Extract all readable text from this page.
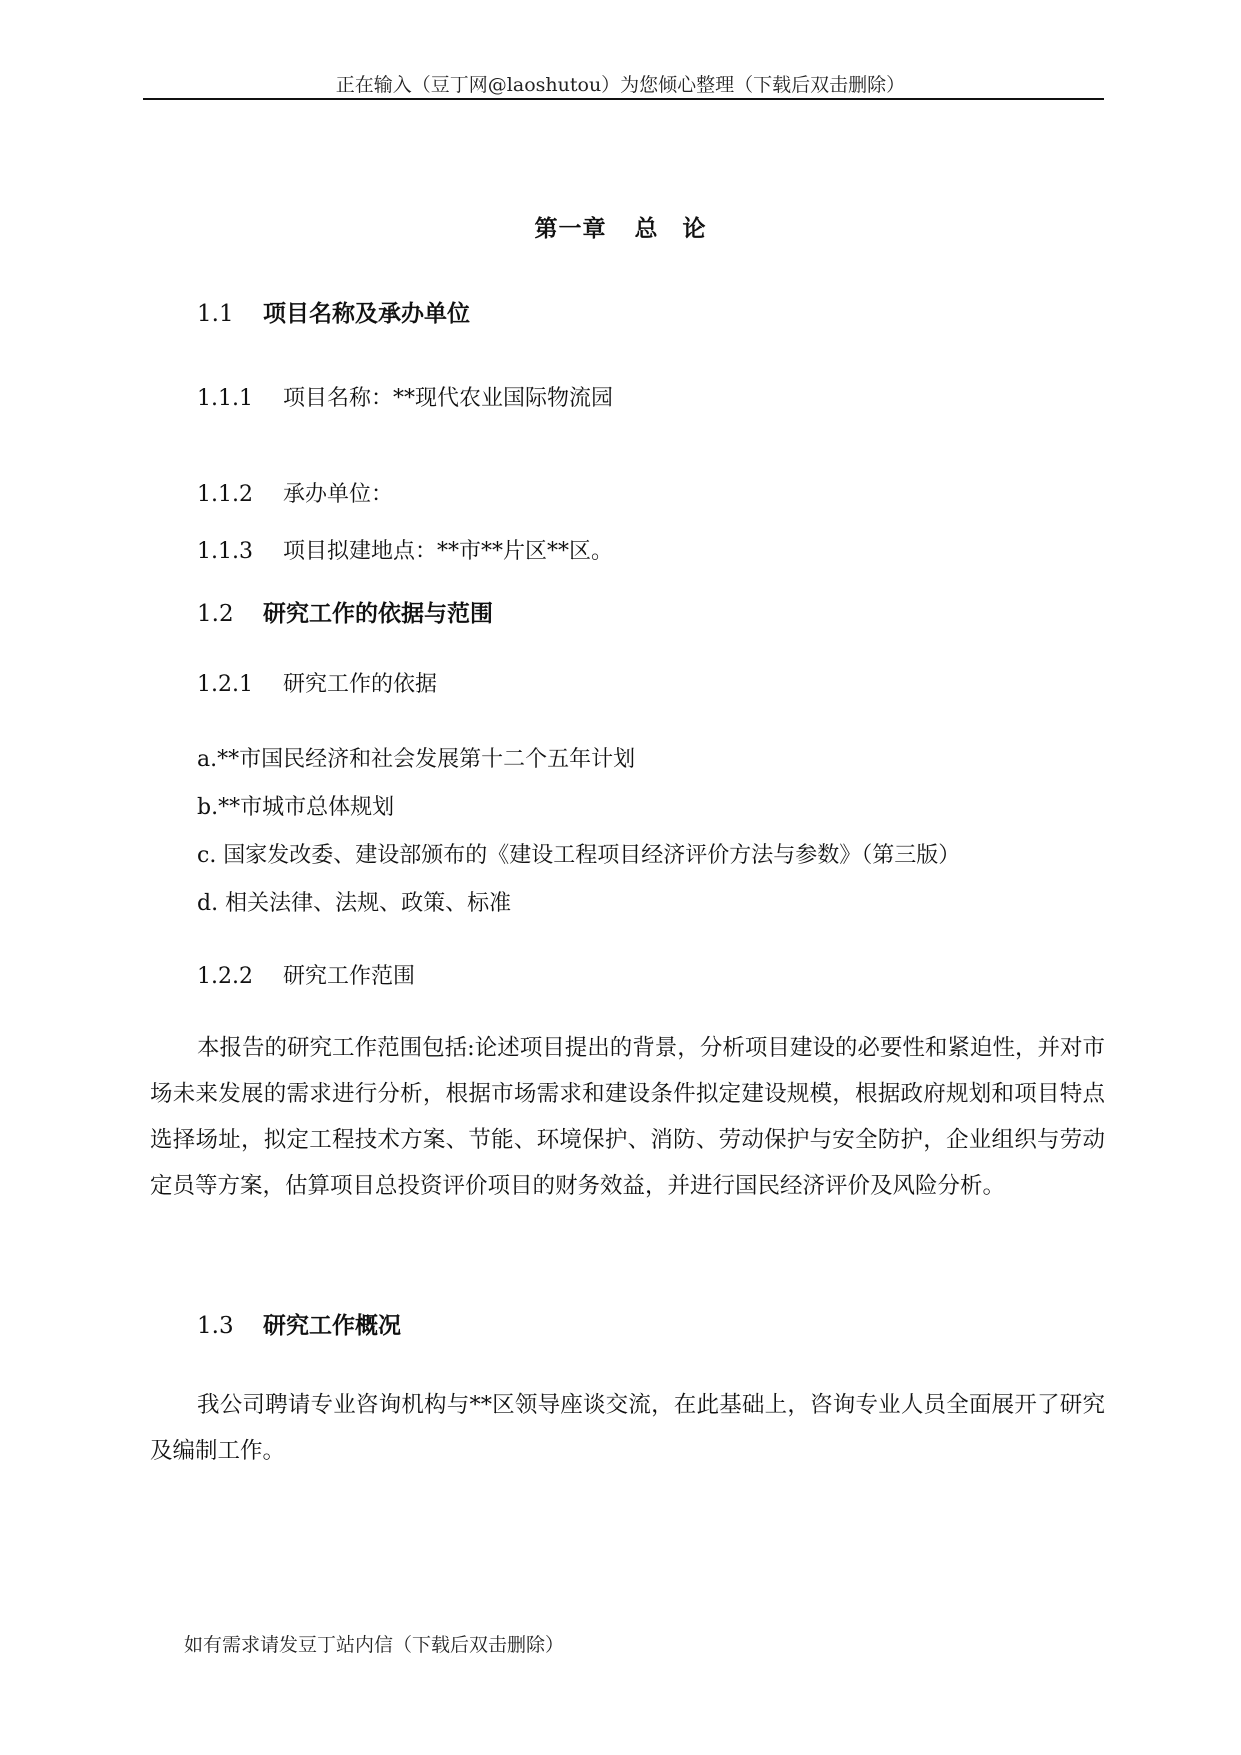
正在输入（豆丁网@laoshutou）为您倾心整理（下载后双击删除）
第一章 总　论
1.1 项目名称及承办单位
1.1.1 项目名称：**现代农业国际物流园
1.1.2 承办单位：
1.1.3 项目拟建地点：**市**片区**区。
1.2 研究工作的依据与范围
1.2.1 研究工作的依据
a.**市国民经济和社会发展第十二个五年计划
b.**市城市总体规划
c. 国家发改委、建设部颁布的《建设工程项目经济评价方法与参数》（第三版）
d. 相关法律、法规、政策、标准
1.2.2 研究工作范围
本报告的研究工作范围包括:论述项目提出的背景，分析项目建设的必要性和紧迫性，并对市场未来发展的需求进行分析，根据市场需求和建设条件拟定建设规模，根据政府规划和项目特点选择场址，拟定工程技术方案、节能、环境保护、消防、劳动保护与安全防护，企业组织与劳动定员等方案，估算项目总投资评价项目的财务效益，并进行国民经济评价及风险分析。
1.3 研究工作概况
我公司聘请专业咨询机构与**区领导座谈交流，在此基础上，咨询专业人员全面展开了研究及编制工作。
如有需求请发豆丁站内信（下载后双击删除）
